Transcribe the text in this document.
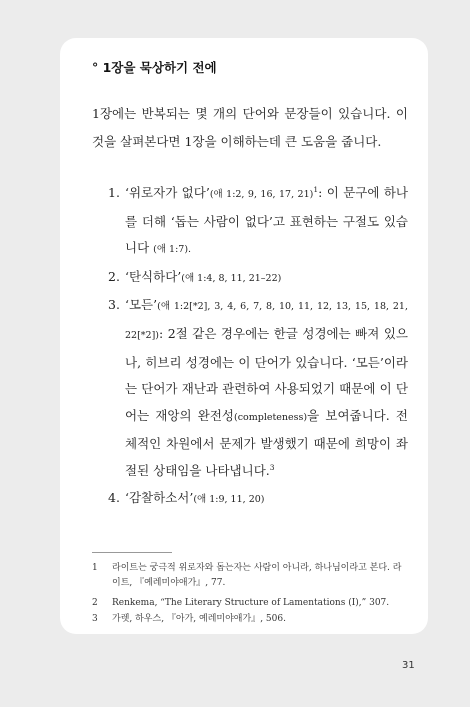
° 1장을 묵상하기 전에
1장에는 반복되는 몇 개의 단어와 문장들이 있습니다. 이것을 살펴본다면 1장을 이해하는데 큰 도움을 줍니다.
1. ‘위로자가 없다’(애 1:2, 9, 16, 17, 21)$^1$: 이 문구에 하나를 더해 ‘돕는 사람이 없다’고 표현하는 구절도 있습니다 (애 1:7).
2. ‘탄식하다’(애 1:4, 8, 11, 21–22)
3. ‘모든’(애 1:2[*2], 3, 4, 6, 7, 8, 10, 11, 12, 13, 15, 18, 21, 22[*2]): 2절 같은 경우에는 한글 성경에는 빠져 있으나, 히브리 성경에는 이 단어가 있습니다. ‘모든’이라는 단어가 재난과 관련하여 사용되었기 때문에 이 단어는 재앙의 완전성(completeness)을 보여줍니다. 전체적인 차원에서 문제가 발생했기 때문에 희망이 좌절된 상태임을 나타냅니다.$^3$
4. ‘감찰하소서’(애 1:9, 11, 20)
1	라이트는 궁극적 위로자와 돕는자는 사람이 아니라, 하나님이라고 본다. 라이트, 『예레미야애가』, 77.
2	Renkema, “The Literary Structure of Lamentations (I),” 307.
3	가렛, 하우스, 『아가, 예레미야애가』, 506.
31
